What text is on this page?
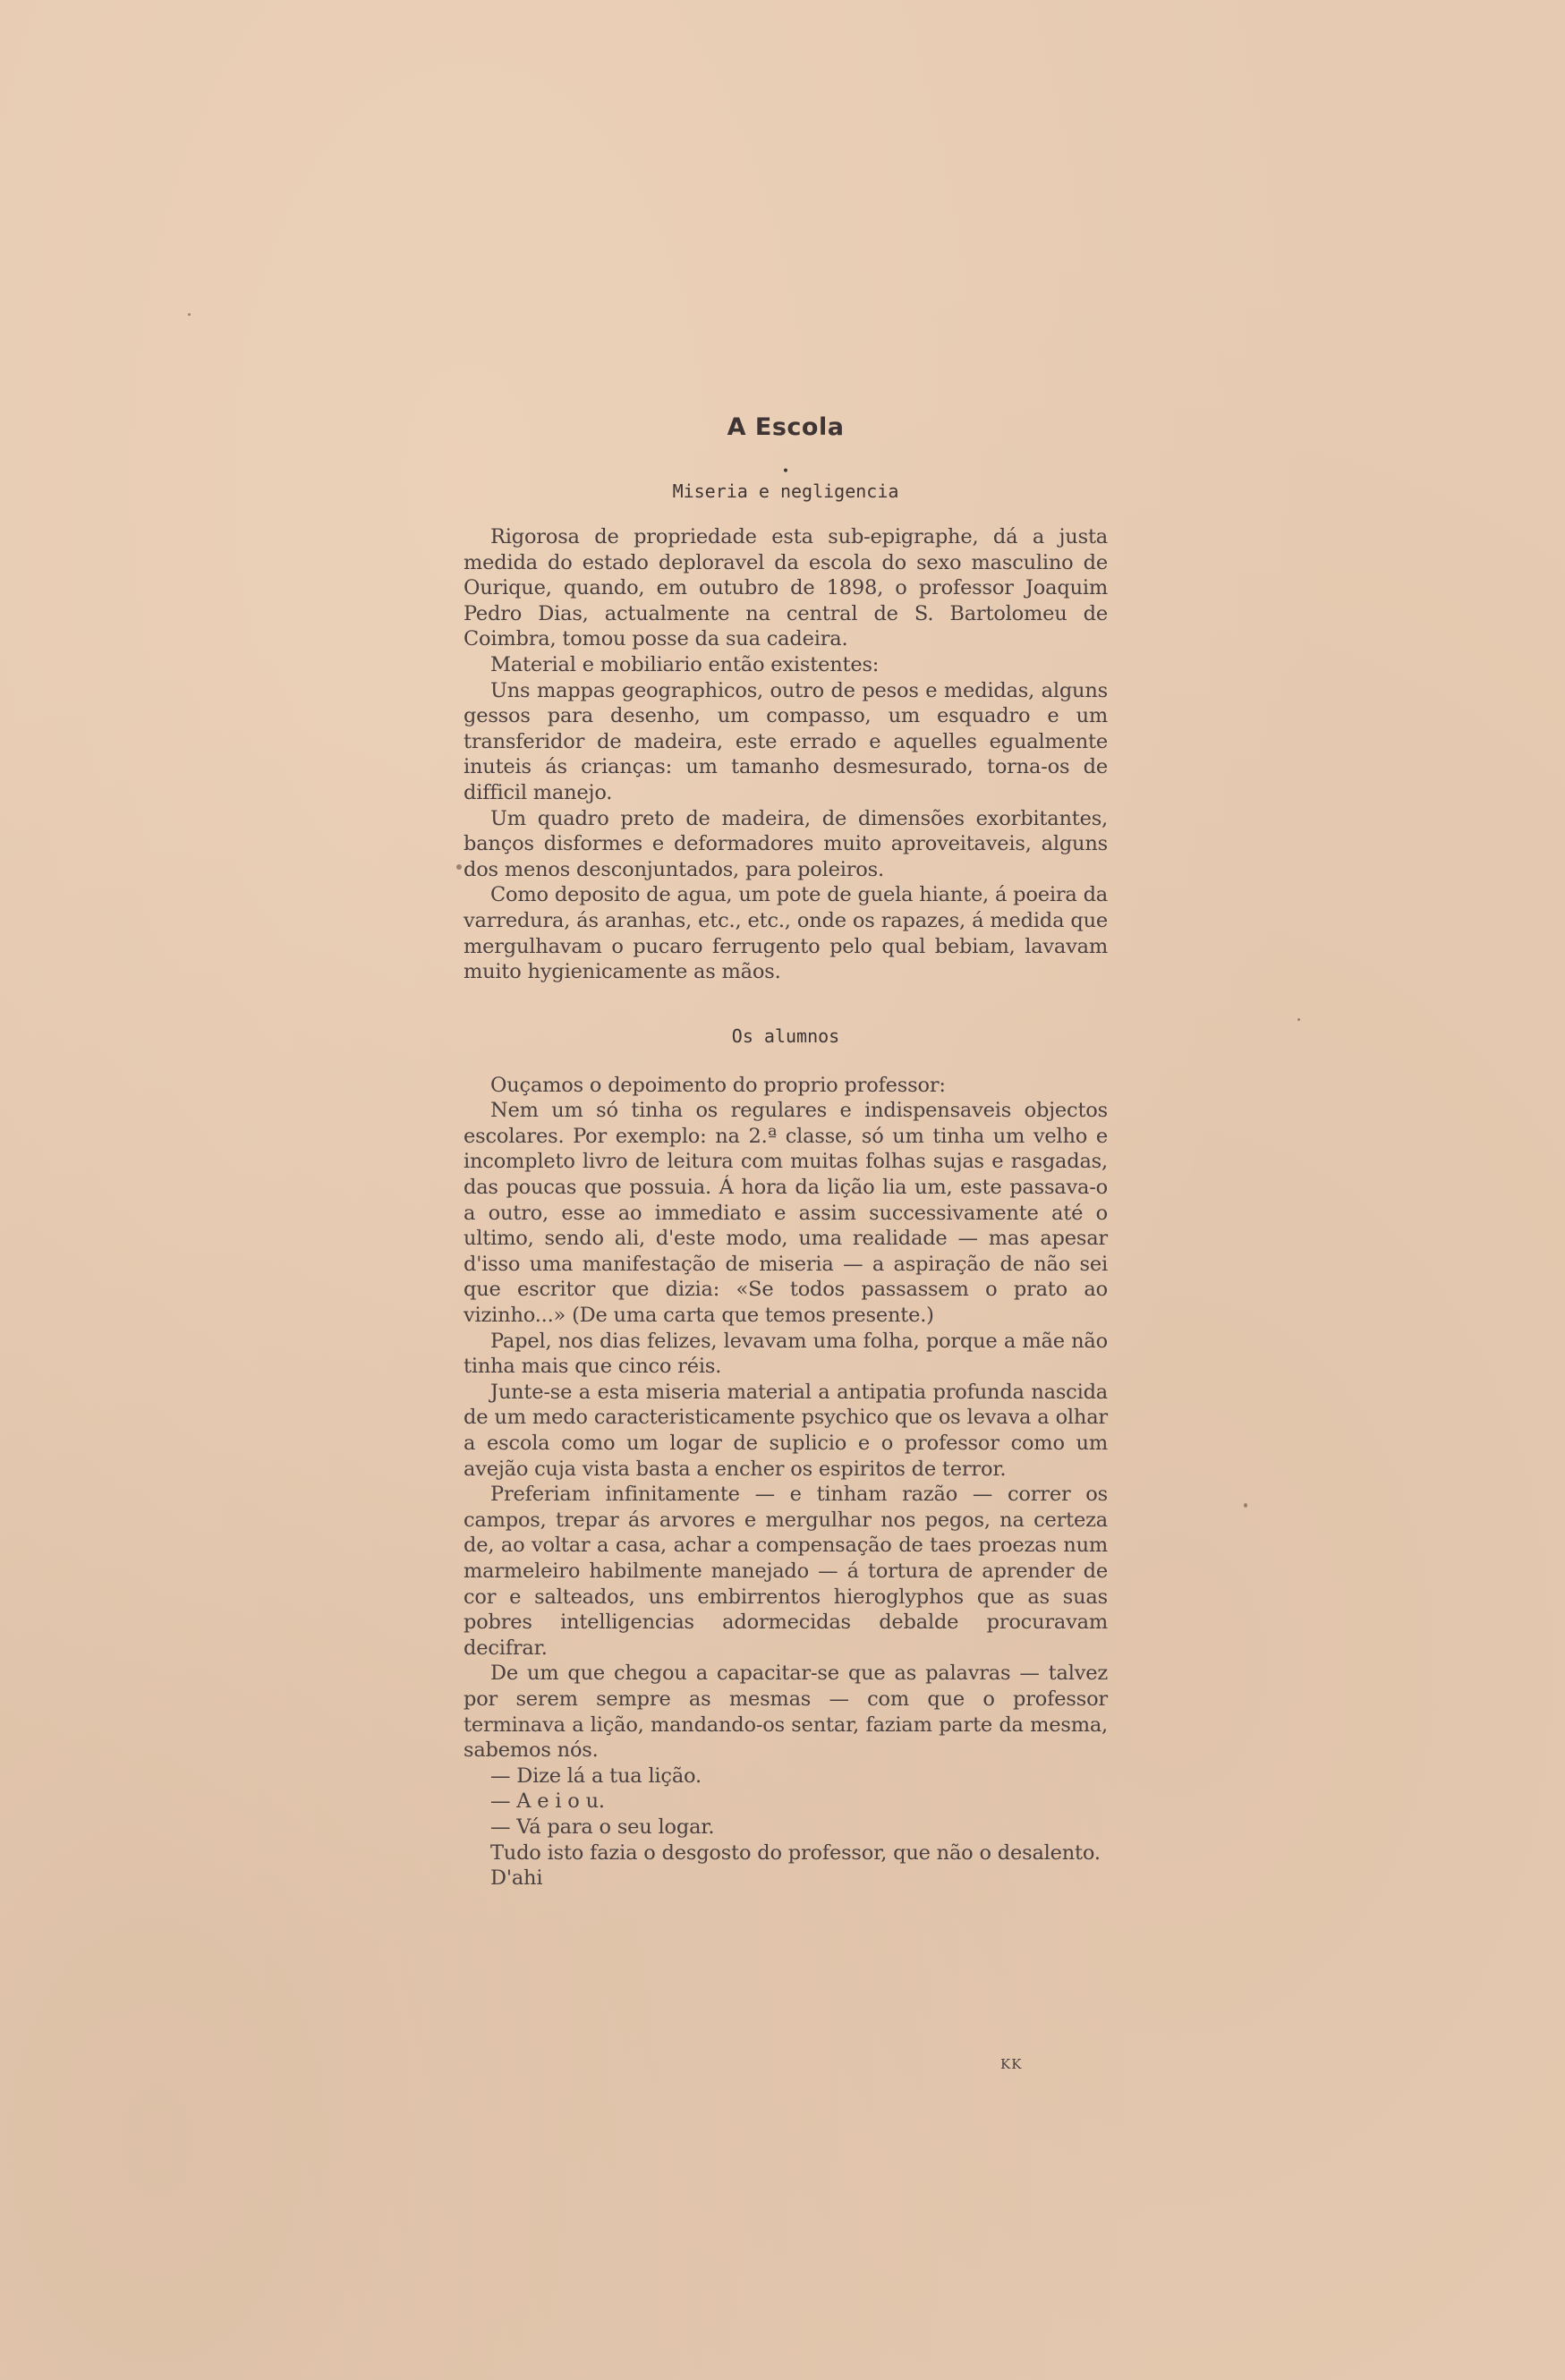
A Escola
•
Miseria e negligencia

Rigorosa de propriedade esta sub-epigraphe, dá a justa medida do estado deploravel da escola do sexo masculino de Ourique, quando, em outubro de 1898, o professor Joaquim Pedro Dias, actualmente na central de S. Bartolomeu de Coimbra, tomou posse da sua cadeira.

Material e mobiliario então existentes:

Uns mappas geographicos, outro de pesos e medidas, alguns gessos para desenho, um compasso, um esquadro e um transferidor de madeira, este errado e aquelles egualmente inuteis ás crianças: um tamanho desmesurado, torna-os de difficil manejo.

Um quadro preto de madeira, de dimensões exorbitantes, banços disformes e deformadores muito aproveitaveis, alguns dos menos desconjuntados, para poleiros.

Como deposito de agua, um pote de guela hiante, á poeira da varredura, ás aranhas, etc., etc., onde os rapazes, á medida que mergulhavam o pucaro ferrugento pelo qual bebiam, lavavam muito hygienicamente as mãos.

Os alumnos

Ouçamos o depoimento do proprio professor:

Nem um só tinha os regulares e indispensaveis objectos escolares. Por exemplo: na 2.ª classe, só um tinha um velho e incompleto livro de leitura com muitas folhas sujas e rasgadas, das poucas que possuia. Á hora da lição lia um, este passava-o a outro, esse ao immediato e assim successivamente até o ultimo, sendo ali, d'este modo, uma realidade — mas apesar d'isso uma manifestação de miseria — a aspiração de não sei que escritor que dizia: «Se todos passassem o prato ao vizinho...» (De uma carta que temos presente.)

Papel, nos dias felizes, levavam uma folha, porque a mãe não tinha mais que cinco réis.

Junte-se a esta miseria material a antipatia profunda nascida de um medo caracteristicamente psychico que os levava a olhar a escola como um logar de suplicio e o professor como um avejão cuja vista basta a encher os espiritos de terror.

Preferiam infinitamente — e tinham razão — correr os campos, trepar ás arvores e mergulhar nos pegos, na certeza de, ao voltar a casa, achar a compensação de taes proezas num marmeleiro habilmente manejado — á tortura de aprender de cor e salteados, uns embirrentos hieroglyphos que as suas pobres intelligencias adormecidas debalde procuravam decifrar.

De um que chegou a capacitar-se que as palavras — talvez por serem sempre as mesmas — com que o professor terminava a lição, mandando-os sentar, faziam parte da mesma, sabemos nós.

— Dize lá a tua lição.

— A e i o u.

— Vá para o seu logar.

Tudo isto fazia o desgosto do professor, que não o desalento.

D'ahi

KK
